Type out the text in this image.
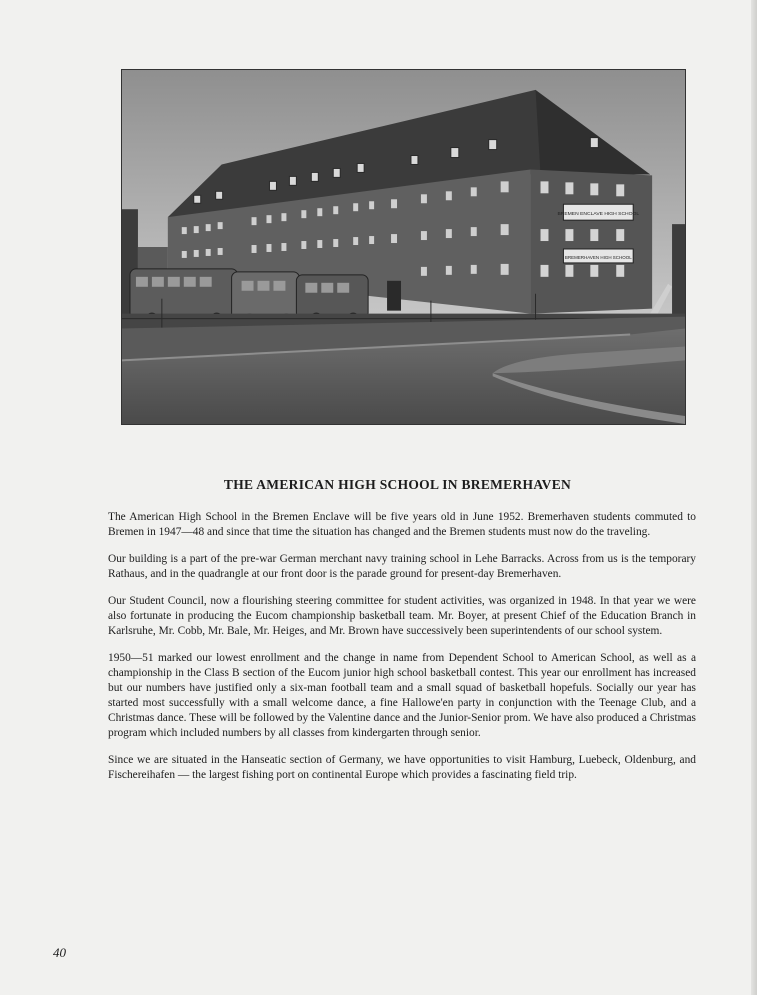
BREMEN ENCLAVE HIGH SCHOOL
BREMERHAVEN HIGH SCHOOL
THE AMERICAN HIGH SCHOOL IN BREMERHAVEN

The American High School in the Bremen Enclave will be five years old in June 1952. Bremerhaven students commuted to Bremen in 1947—48 and since that time the situation has changed and the Bremen students must now do the traveling.

Our building is a part of the pre-war German merchant navy training school in Lehe Barracks. Across from us is the temporary Rathaus, and in the quadrangle at our front door is the parade ground for present-day Bremerhaven.

Our Student Council, now a flourishing steering committee for student activities, was organized in 1948. In that year we were also fortunate in producing the Eucom championship basketball team. Mr. Boyer, at present Chief of the Education Branch in Karlsruhe, Mr. Cobb, Mr. Bale, Mr. Heiges, and Mr. Brown have successively been superintendents of our school system.

1950—51 marked our lowest enrollment and the change in name from Dependent School to American School, as well as a championship in the Class B section of the Eucom junior high school basketball contest. This year our enrollment has increased but our numbers have justified only a six-man football team and a small squad of basketball hopefuls. Socially our year has started most successfully with a small welcome dance, a fine Hallowe'en party in conjunction with the Teenage Club, and a Christmas dance. These will be followed by the Valentine dance and the Junior-Senior prom. We have also produced a Christmas program which included numbers by all classes from kindergarten through senior.

Since we are situated in the Hanseatic section of Germany, we have opportunities to visit Hamburg, Luebeck, Oldenburg, and Fischereihafen — the largest fishing port on continental Europe which provides a fascinating field trip.

40
